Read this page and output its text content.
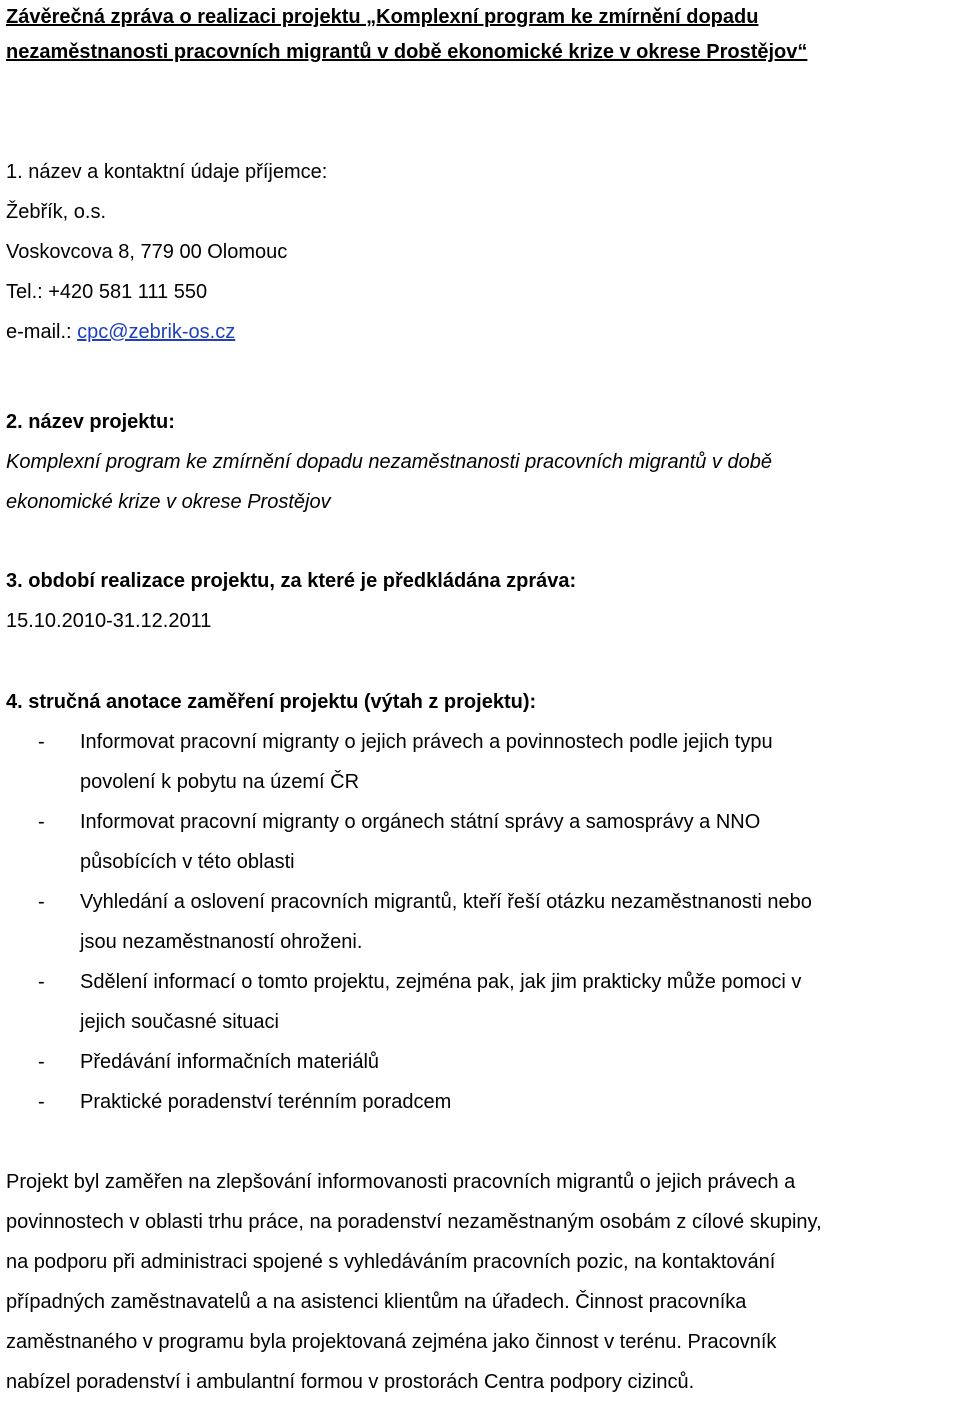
Závěrečná zpráva o realizaci projektu „Komplexní program ke zmírnění dopadu
nezaměstnanosti pracovních migrantů v době ekonomické krize v okrese Prostějov“
1. název a kontaktní údaje příjemce:
Žebřík, o.s.
Voskovcova 8, 779 00 Olomouc
Tel.: +420 581 111 550
e-mail.: cpc@zebrik-os.cz
2. název projektu:
Komplexní program ke zmírnění dopadu nezaměstnanosti pracovních migrantů v době
ekonomické krize v okrese Prostějov
3. období realizace projektu, za které je předkládána zpráva:
15.10.2010-31.12.2011
4. stručná anotace zaměření projektu (výtah z projektu):
- Informovat pracovní migranty o jejich právech a povinnostech podle jejich typu
povolení k pobytu na území ČR
- Informovat pracovní migranty o orgánech státní správy a samosprávy a NNO
působících v této oblasti
- Vyhledání a oslovení pracovních migrantů, kteří řeší otázku nezaměstnanosti nebo
jsou nezaměstnaností ohroženi.
- Sdělení informací o tomto projektu, zejména pak, jak jim prakticky může pomoci v
jejich současné situaci
- Předávání informačních materiálů
- Praktické poradenství terénním poradcem
Projekt byl zaměřen na zlepšování informovanosti pracovních migrantů o jejich právech a
povinnostech v oblasti trhu práce, na poradenství nezaměstnaným osobám z cílové skupiny,
na podporu při administraci spojené s vyhledáváním pracovních pozic, na kontaktování
případných zaměstnavatelů a na asistenci klientům na úřadech. Činnost pracovníka
zaměstnaného v programu byla projektovaná zejména jako činnost v terénu. Pracovník
nabízel poradenství i ambulantní formou v prostorách Centra podpory cizinců.
